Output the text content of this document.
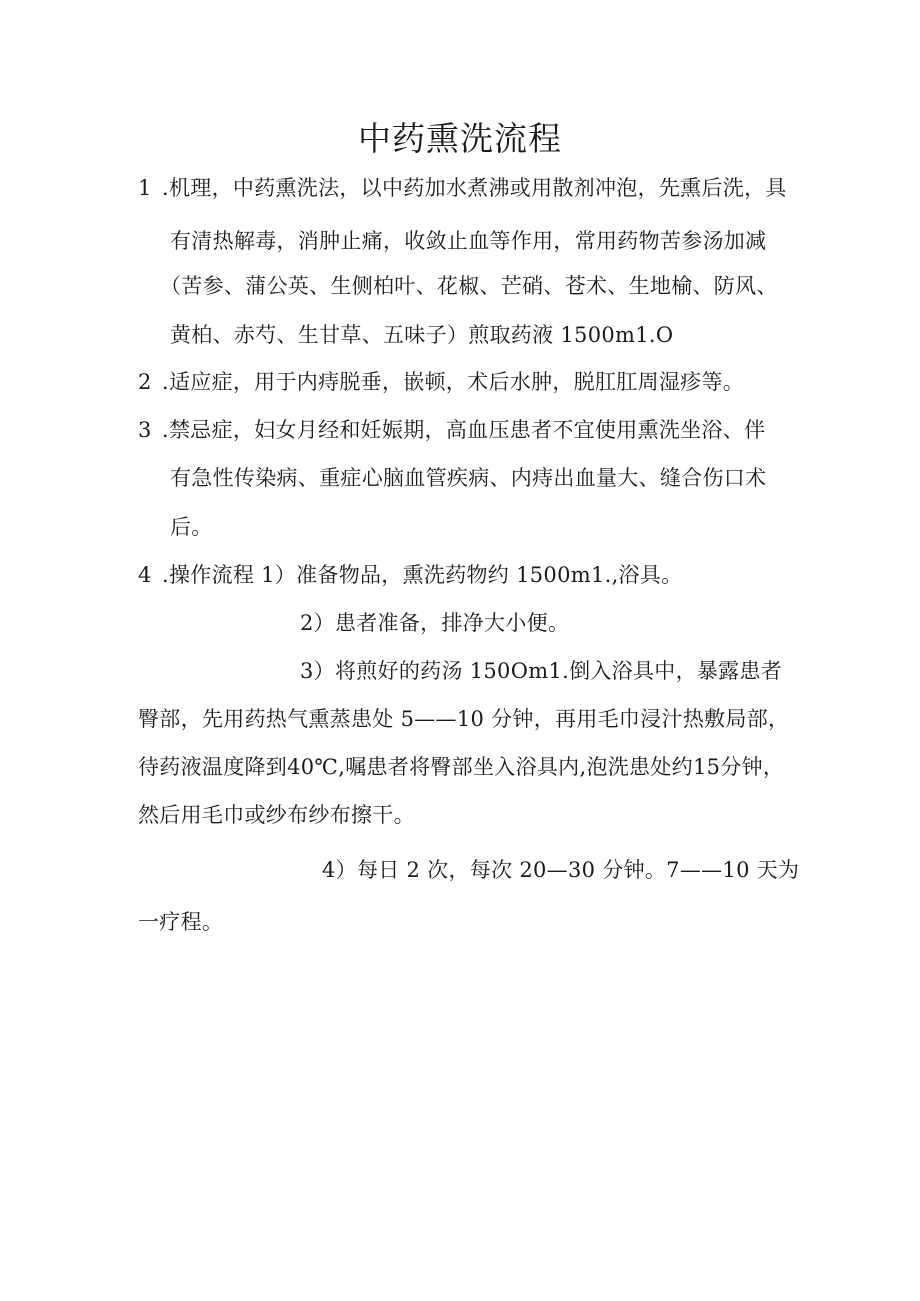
中药熏洗流程
1 .机理，中药熏洗法，以中药加水煮沸或用散剂冲泡，先熏后洗，具
有清热解毒，消肿止痛，收敛止血等作用，常用药物苦参汤加减
（苦参、蒲公英、生侧柏叶、花椒、芒硝、苍术、生地榆、防风、
黄柏、赤芍、生甘草、五味子）煎取药液 1500m1.O
2 .适应症，用于内痔脱垂，嵌顿，术后水肿，脱肛肛周湿疹等。
3 .禁忌症，妇女月经和妊娠期，高血压患者不宜使用熏洗坐浴、伴
有急性传染病、重症心脑血管疾病、内痔出血量大、缝合伤口术
后。
4 .操作流程 1）准备物品，熏洗药物约 1500m1.,浴具。
2）患者准备，排净大小便。
3）将煎好的药汤 150Om1.倒入浴具中，暴露患者
臀部，先用药热气熏蒸患处 5——10 分钟，再用毛巾浸汁热敷局部，
待药液温度降到40℃,嘱患者将臀部坐入浴具内,泡洗患处约15分钟，
然后用毛巾或纱布纱布擦干。
4）每日 2 次，每次 20—30 分钟。7——10 天为
一疗程。
